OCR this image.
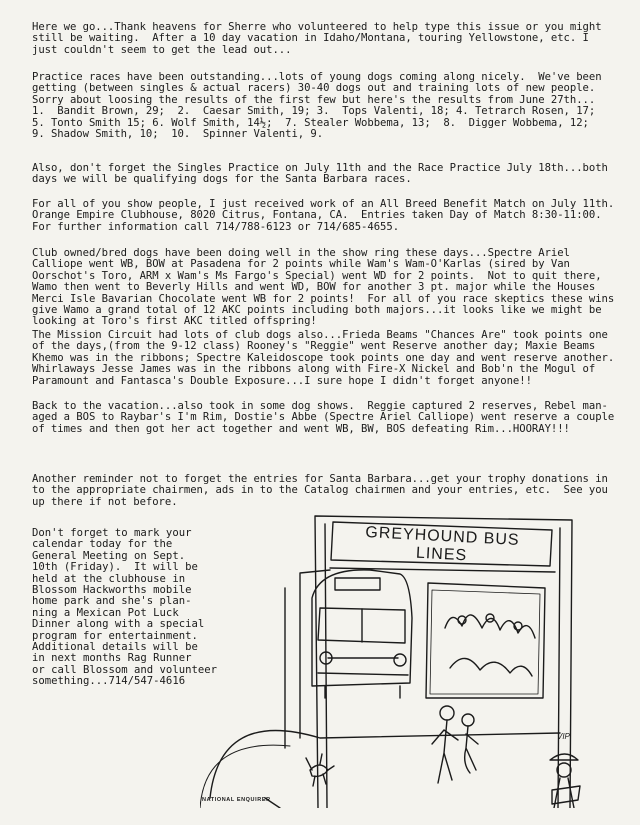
Here we go...Thank heavens for Sherre who volunteered to help type this issue or you might
still be waiting.  After a 10 day vacation in Idaho/Montana, touring Yellowstone, etc. I
just couldn't seem to get the lead out...

Practice races have been outstanding...lots of young dogs coming along nicely.  We've been
getting (between singles & actual racers) 30-40 dogs out and training lots of new people.
Sorry about loosing the results of the first few but here's the results from June 27th...
1.  Bandit Brown, 29;  2.  Caesar Smith, 19; 3.  Tops Valenti, 18; 4. Tetrarch Rosen, 17;
5. Tonto Smith 15; 6. Wolf Smith, 14½;  7. Stealer Wobbema, 13;  8.  Digger Wobbema, 12;
9. Shadow Smith, 10;  10.  Spinner Valenti, 9.

Also, don't forget the Singles Practice on July 11th and the Race Practice July 18th...both
days we will be qualifying dogs for the Santa Barbara races.

For all of you show people, I just received work of an All Breed Benefit Match on July 11th.
Orange Empire Clubhouse, 8020 Citrus, Fontana, CA.  Entries taken Day of Match 8:30-11:00.
For further information call 714/788-6123 or 714/685-4655.

Club owned/bred dogs have been doing well in the show ring these days...Spectre Ariel
Calliope went WB, BOW at Pasadena for 2 points while Wam's Wam-O'Karlas (sired by Van
Oorschot's Toro, ARM x Wam's Ms Fargo's Special) went WD for 2 points.  Not to quit there,
Wamo then went to Beverly Hills and went WD, BOW for another 3 pt. major while the Houses
Merci Isle Bavarian Chocolate went WB for 2 points!  For all of you race skeptics these wins
give Wamo a grand total of 12 AKC points including both majors...it looks like we might be
looking at Toro's first AKC titled offspring!

The Mission Circuit had lots of club dogs also...Frieda Beams "Chances Are" took points one
of the days,(from the 9-12 class) Rooney's "Reggie" went Reserve another day; Maxie Beams
Khemo was in the ribbons; Spectre Kaleidoscope took points one day and went reserve another.
Whirlaways Jesse James was in the ribbons along with Fire-X Nickel and Bob'n the Mogul of
Paramount and Fantasca's Double Exposure...I sure hope I didn't forget anyone!!

Back to the vacation...also took in some dog shows.  Reggie captured 2 reserves, Rebel man-
aged a BOS to Raybar's I'm Rim, Dostie's Abbe (Spectre Ariel Calliope) went reserve a couple
of times and then got her act together and went WB, BW, BOS defeating Rim...HOORAY!!!

Another reminder not to forget the entries for Santa Barbara...get your trophy donations in
to the appropriate chairmen, ads in to the Catalog chairmen and your entries, etc.  See you
up there if not before.

Don't forget to mark your
calendar today for the
General Meeting on Sept.
10th (Friday).  It will be
held at the clubhouse in
Blossom Hackworths mobile
home park and she's plan-
ning a Mexican Pot Luck
Dinner along with a special
program for entertainment.
Additional details will be
in next months Rag Runner
or call Blossom and volunteer
something...714/547-4616

GREYHOUND BUS LINES

VIP

NATIONAL ENQUIRER
